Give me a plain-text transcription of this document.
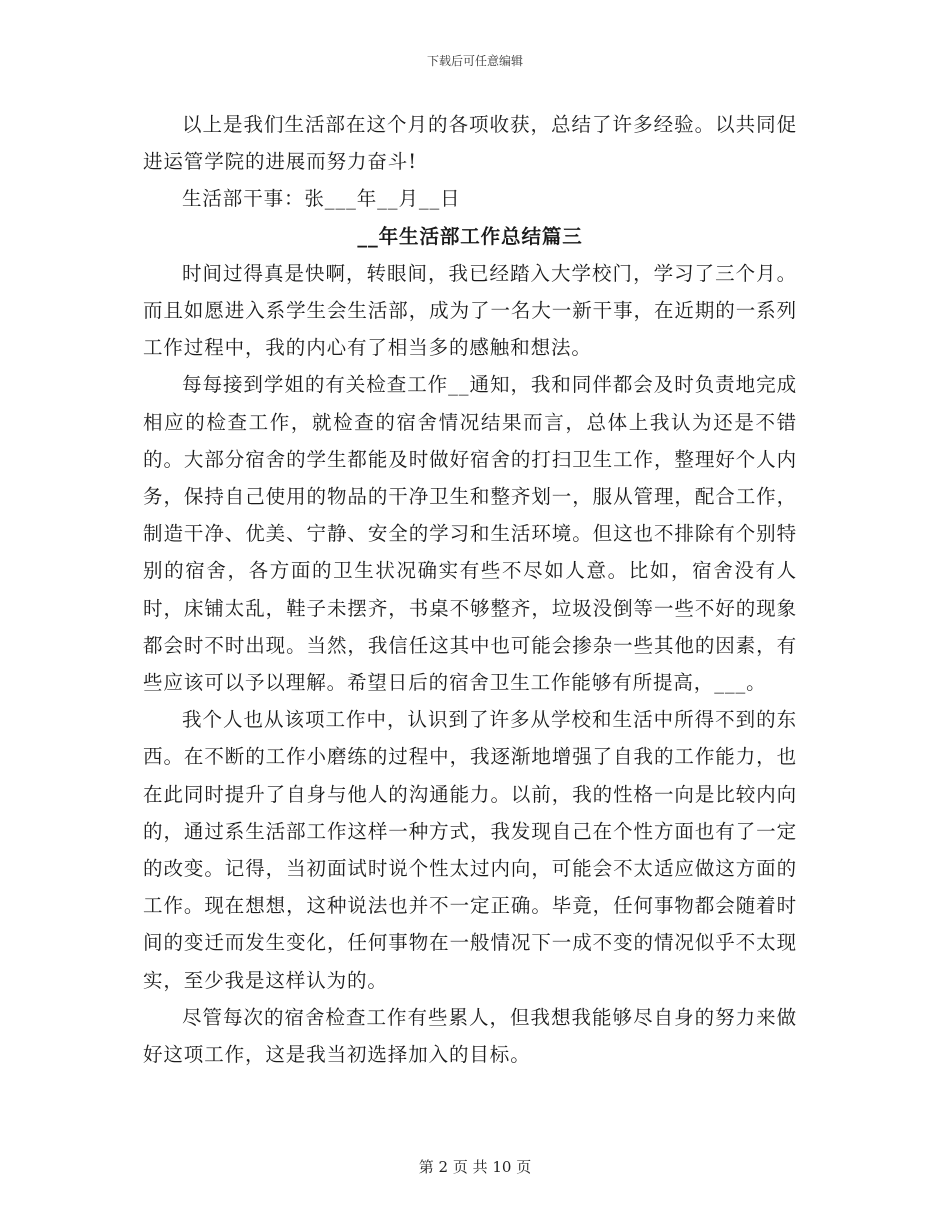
下载后可任意编辑

以上是我们生活部在这个月的各项收获，总结了许多经验。以共同促进运管学院的进展而努力奋斗!

生活部干事：张___年__月__日

__年生活部工作总结篇三

时间过得真是快啊，转眼间，我已经踏入大学校门，学习了三个月。而且如愿进入系学生会生活部，成为了一名大一新干事，在近期的一系列工作过程中，我的内心有了相当多的感触和想法。

每每接到学姐的有关检查工作__通知，我和同伴都会及时负责地完成相应的检查工作，就检查的宿舍情况结果而言，总体上我认为还是不错的。大部分宿舍的学生都能及时做好宿舍的打扫卫生工作，整理好个人内务，保持自己使用的物品的干净卫生和整齐划一，服从管理，配合工作，制造干净、优美、宁静、安全的学习和生活环境。但这也不排除有个别特别的宿舍，各方面的卫生状况确实有些不尽如人意。比如，宿舍没有人时，床铺太乱，鞋子未摆齐，书桌不够整齐，垃圾没倒等一些不好的现象都会时不时出现。当然，我信任这其中也可能会掺杂一些其他的因素，有些应该可以予以理解。希望日后的宿舍卫生工作能够有所提高，___。

我个人也从该项工作中，认识到了许多从学校和生活中所得不到的东西。在不断的工作小磨练的过程中，我逐渐地增强了自我的工作能力，也在此同时提升了自身与他人的沟通能力。以前，我的性格一向是比较内向的，通过系生活部工作这样一种方式，我发现自己在个性方面也有了一定的改变。记得，当初面试时说个性太过内向，可能会不太适应做这方面的工作。现在想想，这种说法也并不一定正确。毕竟，任何事物都会随着时间的变迁而发生变化，任何事物在一般情况下一成不变的情况似乎不太现实，至少我是这样认为的。

尽管每次的宿舍检查工作有些累人，但我想我能够尽自身的努力来做好这项工作，这是我当初选择加入的目标。

第 2 页 共 10 页
